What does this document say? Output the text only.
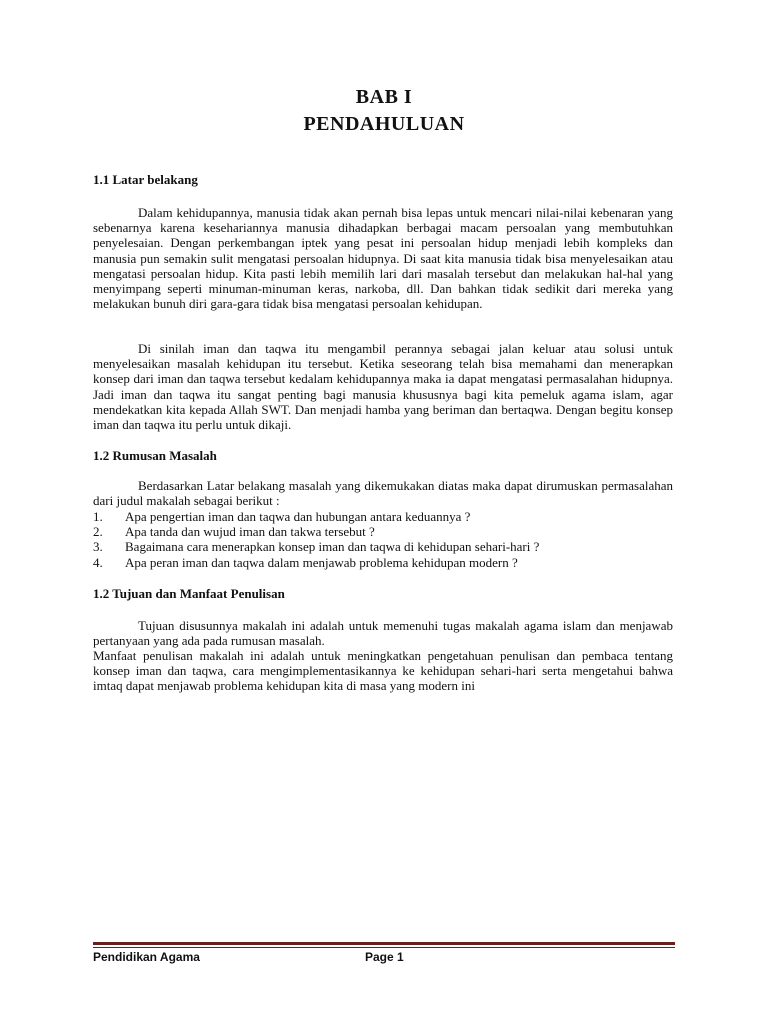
BAB I
PENDAHULUAN
1.1 Latar belakang

Dalam kehidupannya, manusia tidak akan pernah bisa lepas untuk mencari nilai-nilai kebenaran yang sebenarnya karena kesehariannya manusia dihadapkan berbagai macam persoalan yang membutuhkan penyelesaian. Dengan perkembangan iptek yang pesat ini persoalan hidup menjadi lebih kompleks dan manusia pun semakin sulit mengatasi persoalan hidupnya. Di saat kita manusia tidak bisa menyelesaikan atau mengatasi persoalan hidup. Kita pasti lebih memilih lari dari masalah tersebut dan melakukan hal-hal yang menyimpang seperti minuman-minuman keras, narkoba, dll. Dan bahkan tidak sedikit dari mereka yang melakukan bunuh diri gara-gara tidak bisa mengatasi persoalan kehidupan.

Di sinilah iman dan taqwa itu mengambil perannya sebagai jalan keluar atau solusi untuk menyelesaikan masalah kehidupan itu tersebut. Ketika seseorang telah bisa memahami dan menerapkan konsep dari iman dan taqwa tersebut kedalam kehidupannya maka ia dapat mengatasi permasalahan hidupnya. Jadi iman dan taqwa itu sangat penting bagi manusia khususnya bagi kita pemeluk agama islam, agar mendekatkan kita kepada Allah SWT. Dan menjadi hamba yang beriman dan bertaqwa. Dengan begitu konsep iman dan taqwa itu perlu untuk dikaji.

1.2 Rumusan Masalah

Berdasarkan Latar belakang masalah yang dikemukakan diatas maka dapat dirumuskan permasalahan dari judul makalah sebagai berikut :

1. Apa pengertian iman dan taqwa dan hubungan antara keduannya ?
2. Apa tanda dan wujud iman dan takwa tersebut ?
3. Bagaimana cara menerapkan konsep iman dan taqwa di kehidupan sehari-hari ?
4. Apa peran iman dan taqwa dalam menjawab problema kehidupan modern ?
1.2 Tujuan dan Manfaat Penulisan

Tujuan disusunnya makalah ini adalah untuk memenuhi tugas makalah agama islam dan menjawab pertanyaan yang ada pada rumusan masalah.

Manfaat penulisan makalah ini adalah untuk meningkatkan pengetahuan penulisan dan pembaca tentang konsep iman dan taqwa, cara mengimplementasikannya ke kehidupan sehari-hari serta mengetahui bahwa imtaq dapat menjawab problema kehidupan kita di masa yang modern ini

Pendidikan Agama	Page 1
